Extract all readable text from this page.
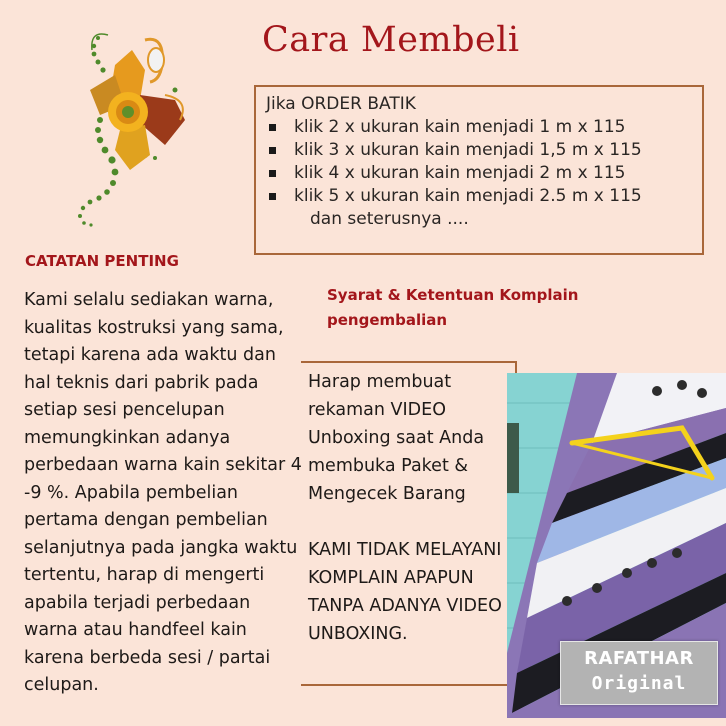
Cara Membeli
Jika ORDER BATIK
klik 2 x ukuran kain menjadi 1 m x 115
klik 3 x ukuran kain menjadi 1,5 m x 115
klik 4 x ukuran kain menjadi 2 m x 115
klik 5 x ukuran kain menjadi 2.5 m x 115
dan seterusnya ....
CATATAN PENTING
Kami selalu sediakan warna, kualitas kostruksi yang sama, tetapi karena ada waktu dan hal teknis dari pabrik pada setiap sesi pencelupan memungkinkan adanya perbedaan warna kain sekitar 4 -9 %. Apabila pembelian pertama dengan pembelian selanjutnya pada jangka waktu tertentu, harap di mengerti apabila terjadi perbedaan warna atau handfeel kain karena berbeda sesi / partai celupan.
Syarat & Ketentuan Komplain pengembalian

Harap membuat rekaman VIDEO Unboxing saat Anda membuka Paket & Mengecek Barang

KAMI TIDAK MELAYANI KOMPLAIN APAPUN TANPA ADANYA VIDEO UNBOXING.

RAFATHAR
Original
